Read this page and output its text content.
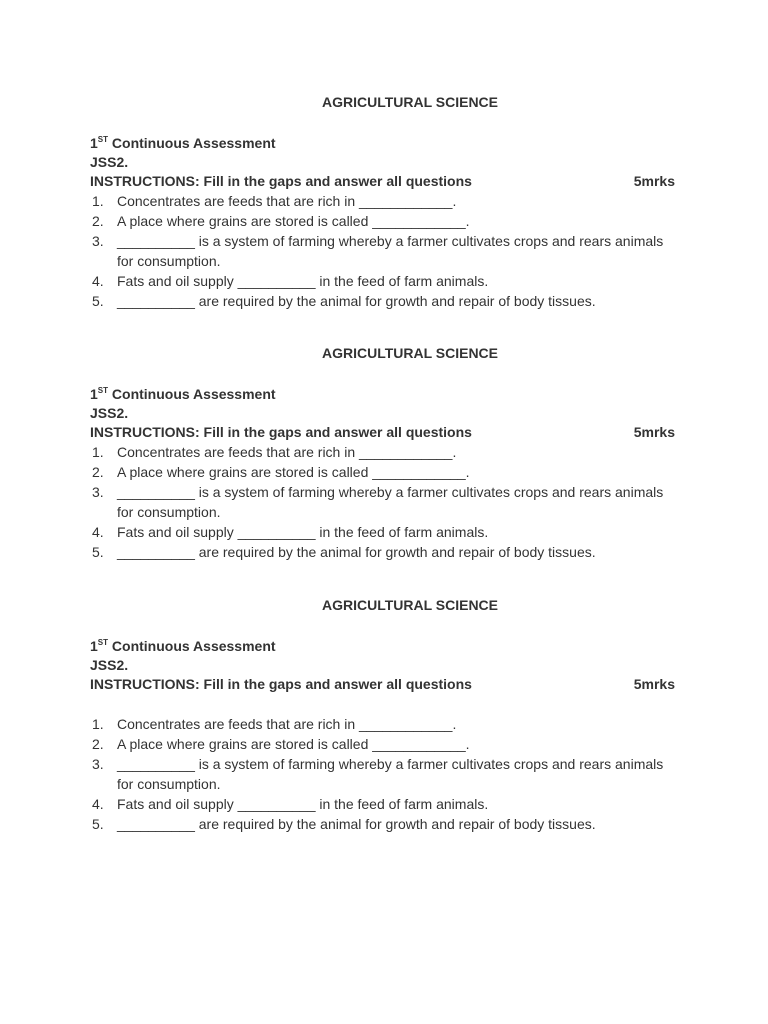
AGRICULTURAL SCIENCE

1ST Continuous Assessment

JSS2.

INSTRUCTIONS: Fill in the gaps and answer all questions	5mrks

1. Concentrates are feeds that are rich in ____________.
2. A place where grains are stored is called ____________.
3. __________ is a system of farming whereby a farmer cultivates crops and rears animals for consumption.
4. Fats and oil supply __________ in the feed of farm animals.
5. __________ are required by the animal for growth and repair of body tissues.

AGRICULTURAL SCIENCE

1ST Continuous Assessment

JSS2.

INSTRUCTIONS: Fill in the gaps and answer all questions	5mrks

1. Concentrates are feeds that are rich in ____________.
2. A place where grains are stored is called ____________.
3. __________ is a system of farming whereby a farmer cultivates crops and rears animals for consumption.
4. Fats and oil supply __________ in the feed of farm animals.
5. __________ are required by the animal for growth and repair of body tissues.

AGRICULTURAL SCIENCE

1ST Continuous Assessment

JSS2.

INSTRUCTIONS: Fill in the gaps and answer all questions	5mrks

1. Concentrates are feeds that are rich in ____________.
2. A place where grains are stored is called ____________.
3. __________ is a system of farming whereby a farmer cultivates crops and rears animals for consumption.
4. Fats and oil supply __________ in the feed of farm animals.
5. __________ are required by the animal for growth and repair of body tissues.
